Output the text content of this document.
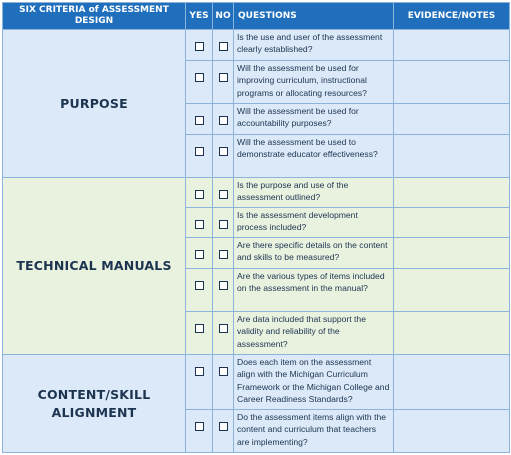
SIX CRITERIA of ASSESSMENT DESIGN	YES	NO	QUESTIONS	EVIDENCE/NOTES
PURPOSE			Is the use and user of the assessment clearly established?	
			Will the assessment be used for improving curriculum, instructional programs or allocating resources?	
			Will the assessment be used for accountability purposes?	
			Will the assessment be used to demonstrate educator effectiveness?	
TECHNICAL MANUALS			Is the purpose and use of the assessment outlined?	
			Is the assessment development process included?	
			Are there specific details on the content and skills to be measured?	
			Are the various types of items included on the assessment in the manual?	
			Are data included that support the validity and reliability of the assessment?	
CONTENT/SKILL ALIGNMENT			Does each item on the assessment align with the Michigan Curriculum Framework or the Michigan College and Career Readiness Standards?	
			Do the assessment items align with the content and curriculum that teachers are implementing?	
